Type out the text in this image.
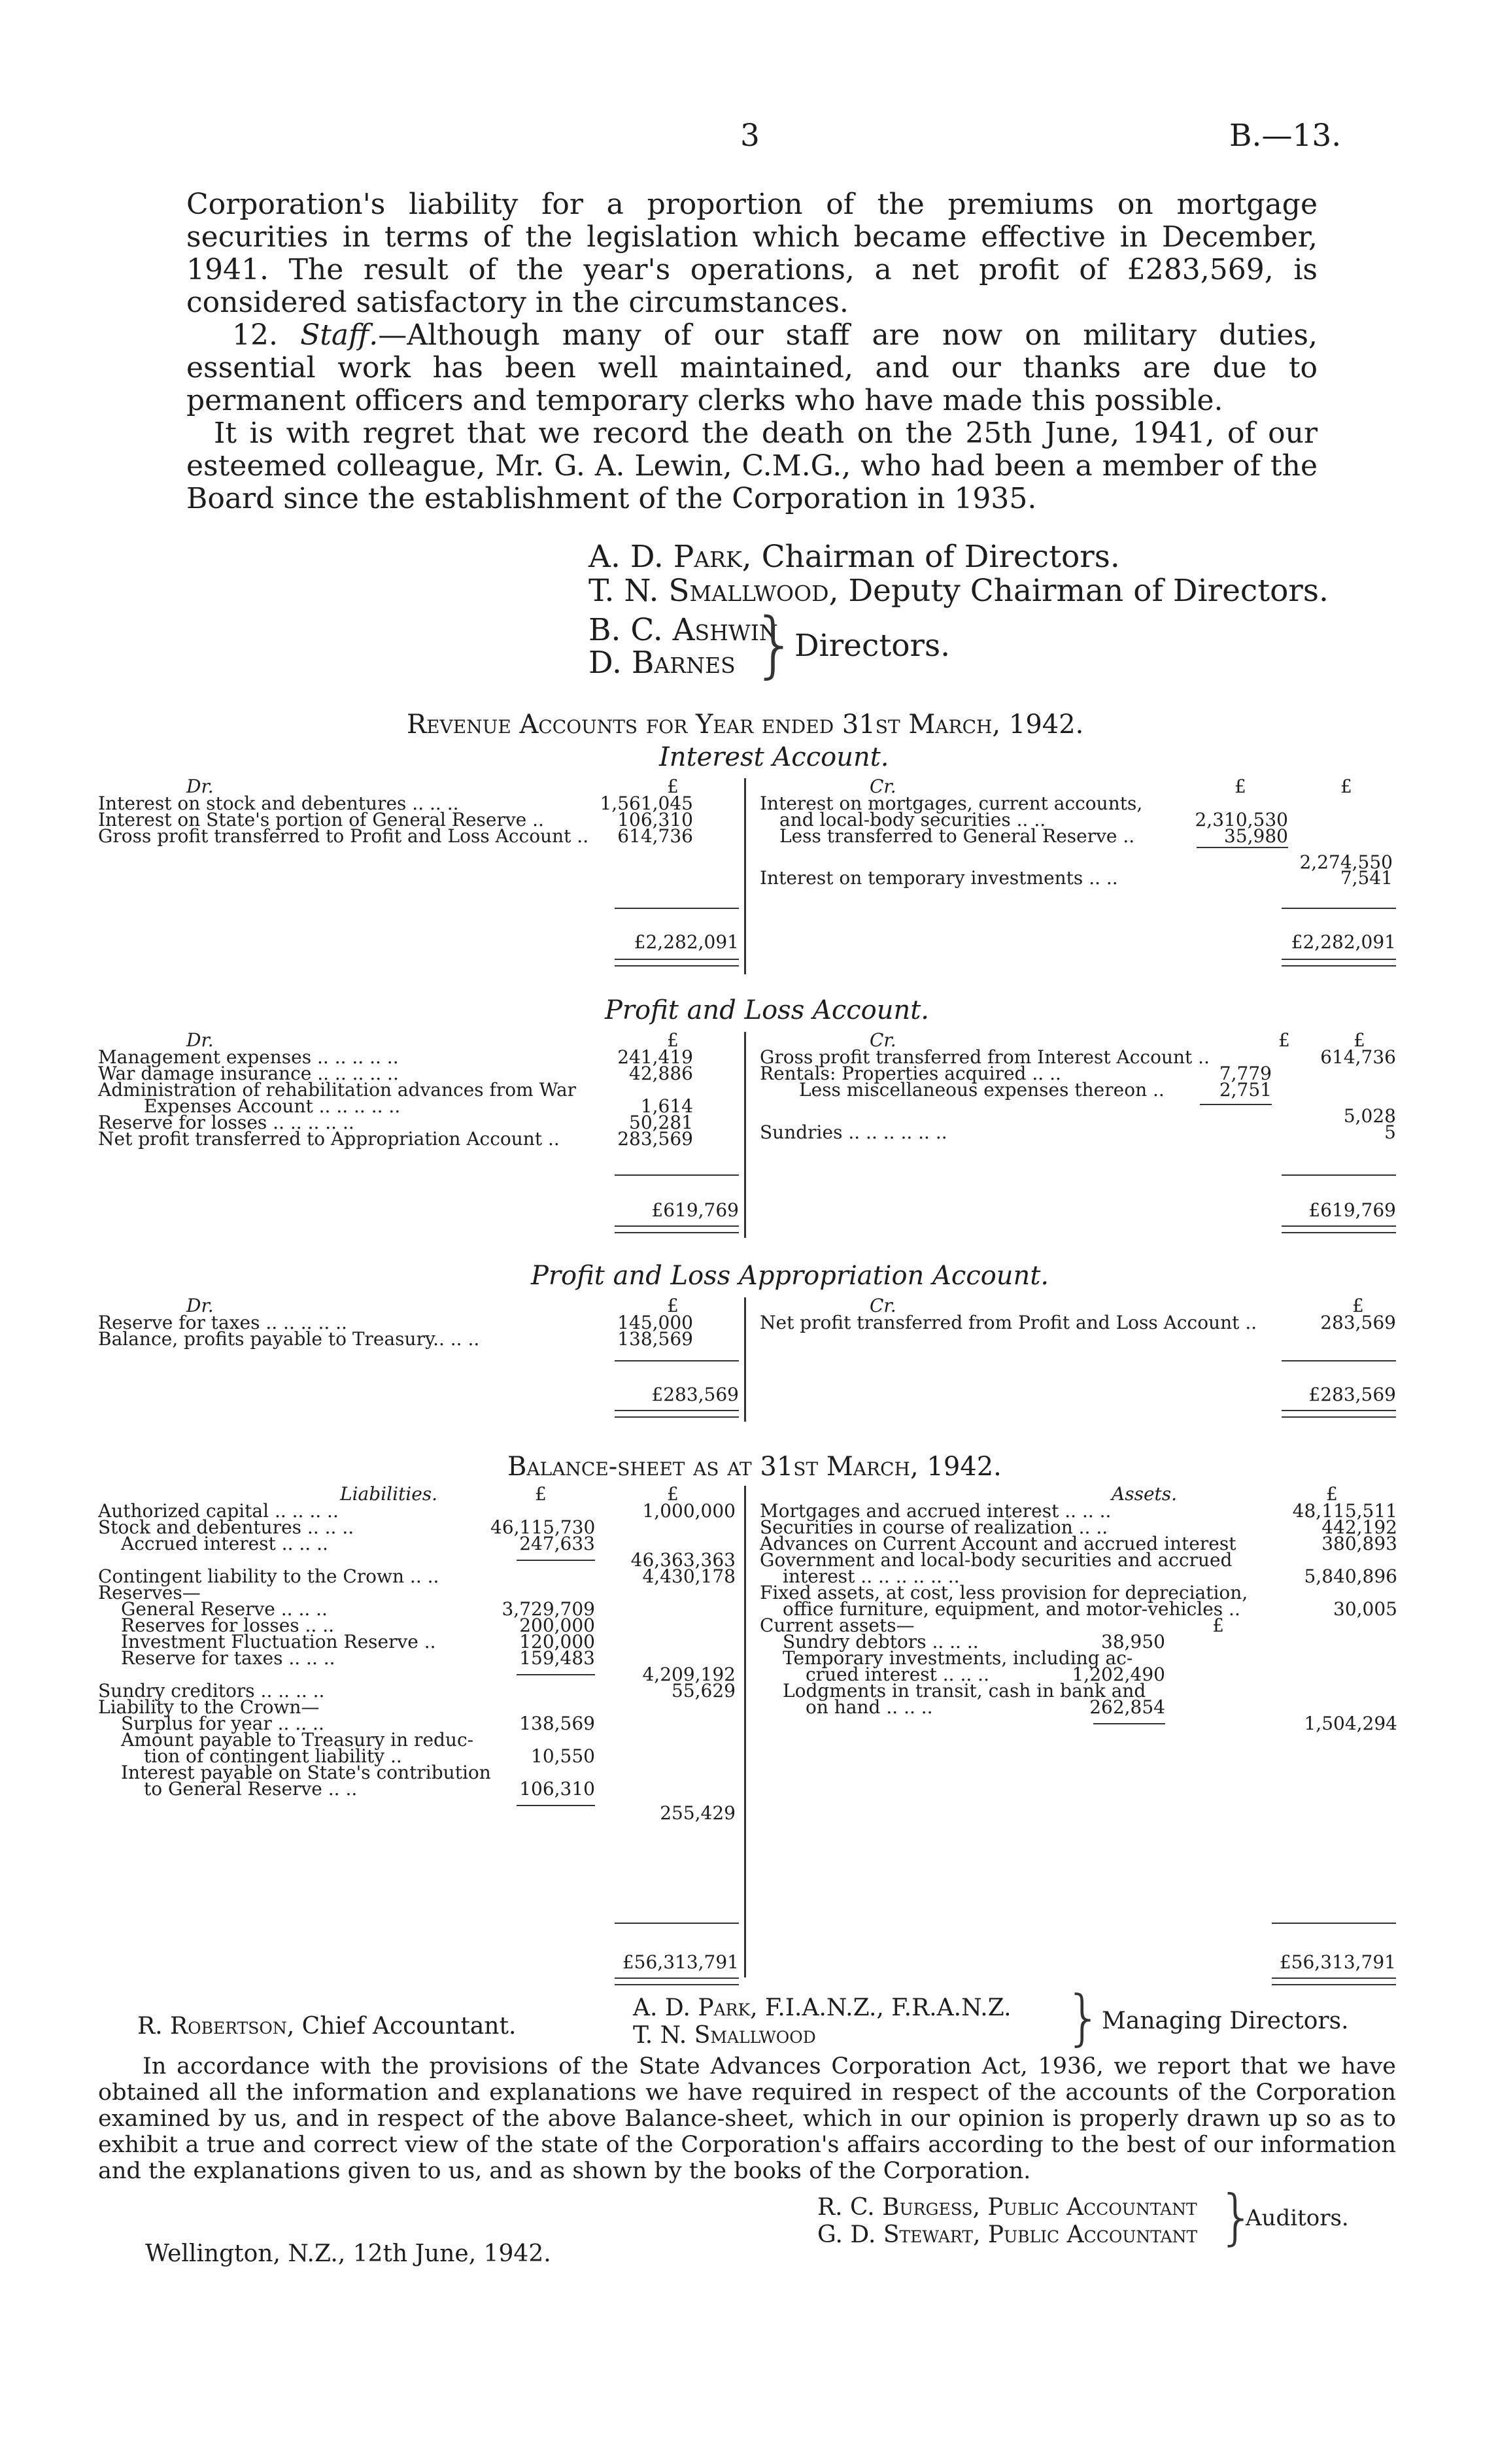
3	B.—13.
Corporation's liability for a proportion of the premiums on mortgage securities in terms of the legislation which became effective in December, 1941. The result of the year's operations, a net profit of £283,569, is considered satisfactory in the circumstances.
12. Staff.—Although many of our staff are now on military duties, essential work has been well maintained, and our thanks are due to permanent officers and temporary clerks who have made this possible.
It is with regret that we record the death on the 25th June, 1941, of our esteemed colleague, Mr. G. A. Lewin, C.M.G., who had been a member of the Board since the establishment of the Corporation in 1935.
A. D. Park, Chairman of Directors.
T. N. Smallwood, Deputy Chairman of Directors.
B. C. Ashwin
D. Barnes }
Directors.
Revenue Accounts for Year ended 31st March, 1942.
Interest Account.
Dr.	£	Cr.	£	£
Interest on stock and debentures .. .. ..	1,561,045
Interest on State's portion of General Reserve ..	106,310
Gross profit transferred to Profit and Loss Account .. 614,736
Interest on mortgages, current accounts,
and local-body securities .. ..	2,310,530
Less transferred to General Reserve ..	35,980
2,274,550
Interest on temporary investments .. ..	7,541
£2,282,091	£2,282,091
Profit and Loss Account.
Dr.	£	Cr.	£	£
Management expenses .. .. .. .. ..	241,419
War damage insurance .. .. .. .. ..	42,886
Administration of rehabilitation advances from War
Expenses Account .. .. .. .. ..	1,614
Reserve for losses .. .. .. .. ..	50,281
Net profit transferred to Appropriation Account ..	283,569
Gross profit transferred from Interest Account ..	614,736
Rentals: Properties acquired .. ..	7,779
Less miscellaneous expenses thereon ..	2,751
5,028
Sundries .. .. .. .. .. ..	5
£619,769	£619,769
Profit and Loss Appropriation Account.
Dr.	£	Cr.	£
Reserve for taxes .. .. .. .. ..	145,000
Balance, profits payable to Treasury.. .. ..	138,569
Net profit transferred from Profit and Loss Account ..	283,569
£283,569	£283,569
Balance-sheet as at 31st March, 1942.
Liabilities.	£	£	Assets.	£
Authorized capital .. .. .. ..	1,000,000
Stock and debentures .. .. ..	46,115,730
Accrued interest .. .. ..	247,633
46,363,363
Contingent liability to the Crown .. ..	4,430,178
Reserves—
General Reserve .. .. ..	3,729,709
Reserves for losses .. ..	200,000
Investment Fluctuation Reserve ..	120,000
Reserve for taxes .. .. ..	159,483
4,209,192
Sundry creditors .. .. .. ..	55,629
Liability to the Crown—
Surplus for year .. .. ..	138,569
Amount payable to Treasury in reduc-
tion of contingent liability ..	10,550
Interest payable on State's contribution
to General Reserve .. ..	106,310
255,429
Mortgages and accrued interest .. .. ..	48,115,511
Securities in course of realization .. ..	442,192
Advances on Current Account and accrued interest	380,893
Government and local-body securities and accrued
interest .. .. .. .. .. ..	5,840,896
Fixed assets, at cost, less provision for depreciation,
office furniture, equipment, and motor-vehicles ..	30,005
Current assets—	£
Sundry debtors .. .. ..	38,950
Temporary investments, including ac-
crued interest .. .. ..	1,202,490
Lodgments in transit, cash in bank and
on hand .. .. ..	262,854
1,504,294
£56,313,791	£56,313,791
R. Robertson, Chief Accountant.
A. D. Park, F.I.A.N.Z., F.R.A.N.Z.
T. N. Smallwood	}
Managing Directors.
In accordance with the provisions of the State Advances Corporation Act, 1936, we report that we have obtained all the information and explanations we have required in respect of the accounts of the Corporation examined by us, and in respect of the above Balance-sheet, which in our opinion is properly drawn up so as to exhibit a true and correct view of the state of the Corporation's affairs according to the best of our information and the explanations given to us, and as shown by the books of the Corporation.
R. C. Burgess, Public Accountant
G. D. Stewart, Public Accountant }
Auditors.
Wellington, N.Z., 12th June, 1942.
